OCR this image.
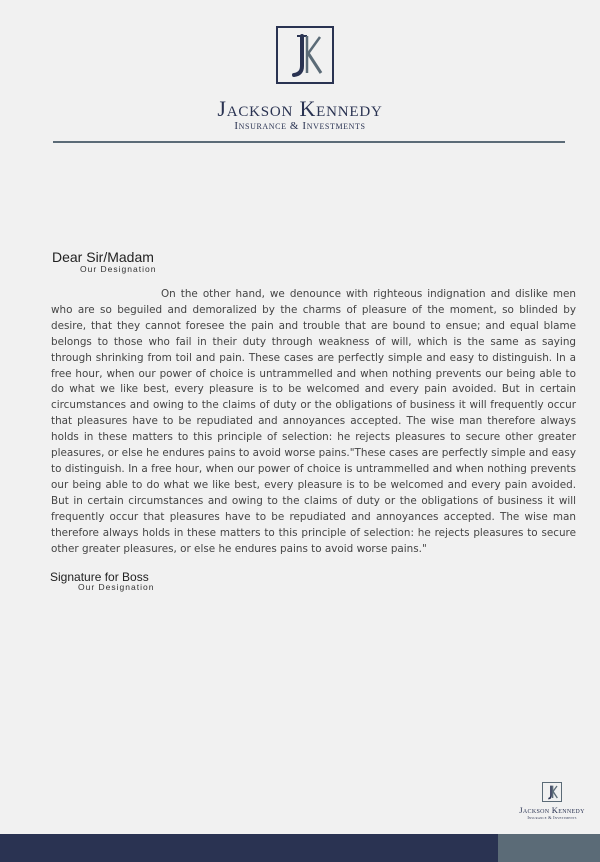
Jackson Kennedy
Insurance & Investments
Dear Sir/Madam
Our Designation

On the other hand, we denounce with righteous indignation and dislike men who are so beguiled and demoralized by the charms of pleasure of the moment, so blinded by desire, that they cannot foresee the pain and trouble that are bound to ensue; and equal blame belongs to those who fail in their duty through weakness of will, which is the same as saying through shrinking from toil and pain. These cases are perfectly simple and easy to distinguish. In a free hour, when our power of choice is untrammelled and when nothing prevents our being able to do what we like best, every pleasure is to be welcomed and every pain avoided. But in certain circumstances and owing to the claims of duty or the obligations of business it will frequently occur that pleasures have to be repudiated and annoyances accepted. The wise man therefore always holds in these matters to this principle of selection: he rejects pleasures to secure other greater pleasures, or else he endures pains to avoid worse pains."These cases are perfectly simple and easy to distinguish. In a free hour, when our power of choice is untrammelled and when nothing prevents our being able to do what we like best, every pleasure is to be welcomed and every pain avoided. But in certain circumstances and owing to the claims of duty or the obligations of business it will frequently occur that pleasures have to be repudiated and annoyances accepted. The wise man therefore always holds in these matters to this principle of selection: he rejects pleasures to secure other greater pleasures, or else he endures pains to avoid worse pains."

Signature for Boss
Our Designation
Jackson Kennedy
Insurance & Investments
